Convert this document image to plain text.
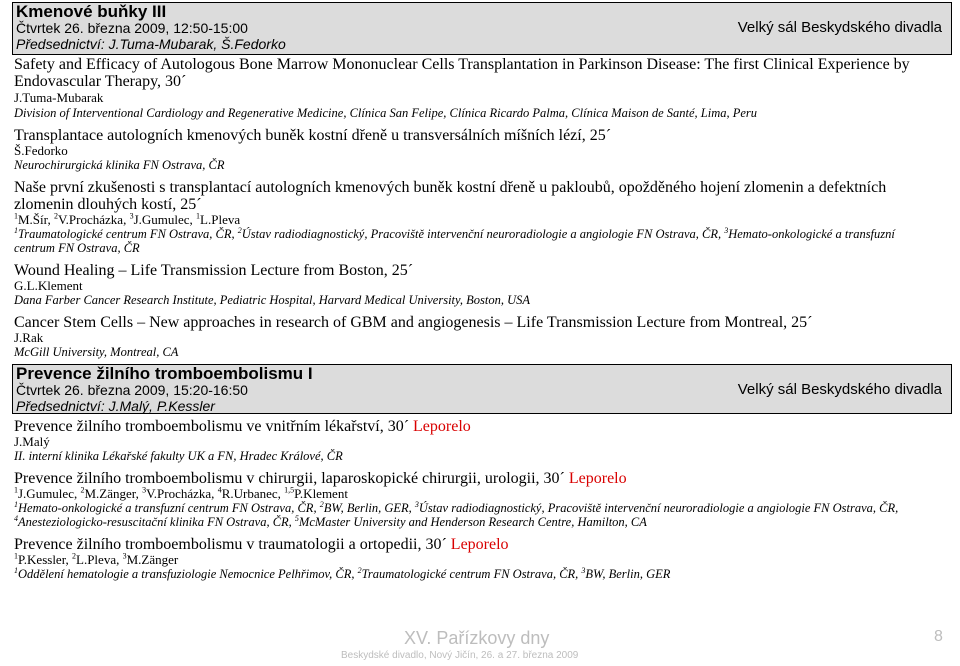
Kmenové buňky III
Čtvrtek 26. března 2009, 12:50-15:00	Velký sál Beskydského divadla
Předsednictví: J.Tuma-Mubarak, Š.Fedorko
Safety and Efficacy of Autologous Bone Marrow Mononuclear Cells Transplantation in Parkinson Disease: The first Clinical Experience by Endovascular Therapy, 30´
J.Tuma-Mubarak
Division of Interventional Cardiology and Regenerative Medicine, Clínica San Felipe, Clínica Ricardo Palma, Clínica Maison de Santé, Lima, Peru
Transplantace autologních kmenových buněk kostní dřeně u transversálních míšních lézí, 25´
Š.Fedorko
Neurochirurgická klinika FN Ostrava, ČR
Naše první zkušenosti s transplantací autologních kmenových buněk kostní dřeně u pakloubů, opožděného hojení zlomenin a defektních zlomenin dlouhých kostí, 25´
$^1$M.Šír, $^2$V.Procházka, $^3$J.Gumulec, $^1$L.Pleva
$^1$Traumatologické centrum FN Ostrava, ČR, $^2$Ústav radiodiagnostický, Pracoviště intervenční neuroradiologie a angiologie FN Ostrava, ČR, $^3$Hemato-onkologické a transfuzní centrum FN Ostrava, ČR
Wound Healing – Life Transmission Lecture from Boston, 25´
G.L.Klement
Dana Farber Cancer Research Institute, Pediatric Hospital, Harvard Medical University, Boston, USA
Cancer Stem Cells – New approaches in research of GBM and angiogenesis – Life Transmission Lecture from Montreal, 25´
J.Rak
McGill University, Montreal, CA
Prevence žilního tromboembolismu I
Čtvrtek 26. března 2009, 15:20-16:50	Velký sál Beskydského divadla
Předsednictví: J.Malý, P.Kessler
Prevence žilního tromboembolismu ve vnitřním lékařství, 30´ Leporelo
J.Malý
II. interní klinika Lékařské fakulty UK a FN, Hradec Králové, ČR
Prevence žilního tromboembolismu v chirurgii, laparoskopické chirurgii, urologii, 30´ Leporelo
$^1$J.Gumulec, $^2$M.Zänger, $^3$V.Procházka, $^4$R.Urbanec, $^{1,5}$P.Klement
$^1$Hemato-onkologické a transfuzní centrum FN Ostrava, ČR, $^2$BW, Berlin, GER, $^3$Ústav radiodiagnostický, Pracoviště intervenční neuroradiologie a angiologie FN Ostrava, ČR, $^4$Anesteziologicko-resuscitační klinika FN Ostrava, ČR, $^5$McMaster University and Henderson Research Centre, Hamilton, CA
Prevence žilního tromboembolismu v traumatologii a ortopedii, 30´ Leporelo
$^1$P.Kessler, $^2$L.Pleva, $^3$M.Zänger
$^1$Oddělení hematologie a transfuziologie Nemocnice Pelhřimov, ČR, $^2$Traumatologické centrum FN Ostrava, ČR, $^3$BW, Berlin, GER
XV. Pařízkovy dny
Beskydské divadlo, Nový Jičín, 26. a 27. března 2009
8
